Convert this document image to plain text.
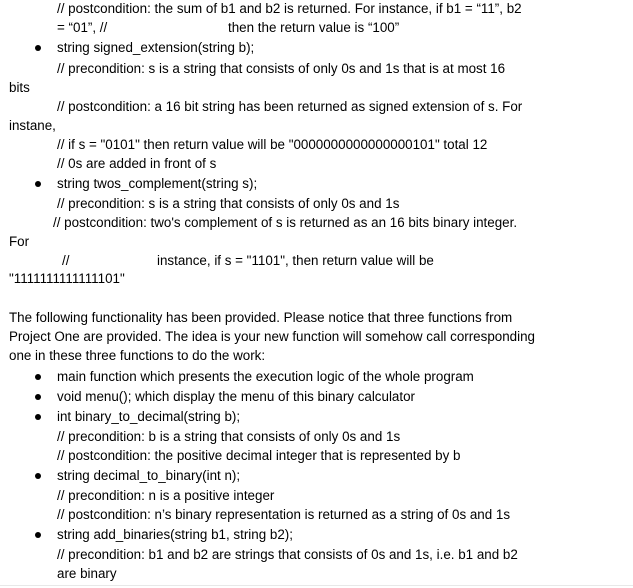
// postcondition: the sum of b1 and b2 is returned. For instance, if b1 = “11”, b2
= “01”, //	then the return value is “100”
string signed_extension(string b);
// precondition: s is a string that consists of only 0s and 1s that is at most 16
bits
// postcondition: a 16 bit string has been returned as signed extension of s. For
instane,
// if s = "0101" then return value will be "0000000000000000101" total 12
// 0s are added in front of s
string twos_complement(string s);
// precondition: s is a string that consists of only 0s and 1s
// postcondition: two's complement of s is returned as an 16 bits binary integer.
For
//	instance, if s = "1101", then return value will be
"1111111111111101"
The following functionality has been provided. Please notice that three functions from
Project One are provided. The idea is your new function will somehow call corresponding
one in these three functions to do the work:
main function which presents the execution logic of the whole program
void menu(); which display the menu of this binary calculator
int binary_to_decimal(string b);
// precondition: b is a string that consists of only 0s and 1s
// postcondition: the positive decimal integer that is represented by b
string decimal_to_binary(int n);
// precondition: n is a positive integer
// postcondition: n’s binary representation is returned as a string of 0s and 1s
string add_binaries(string b1, string b2);
// precondition: b1 and b2 are strings that consists of 0s and 1s, i.e. b1 and b2
are binary
